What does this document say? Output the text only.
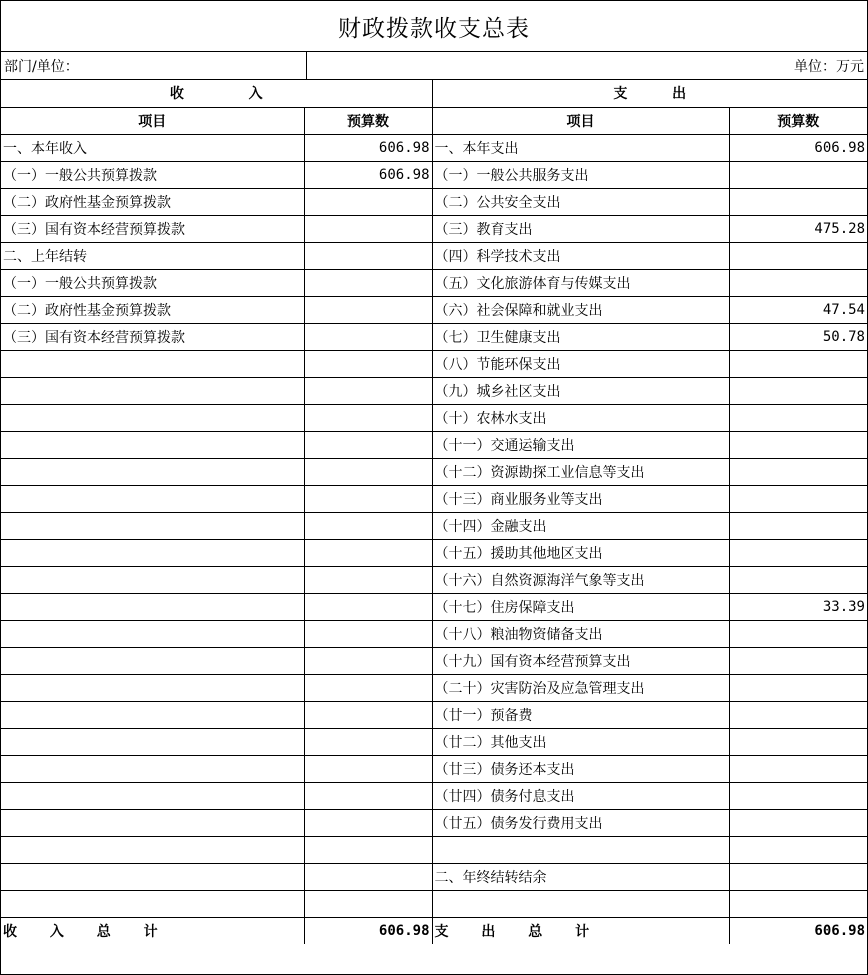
财政拨款收支总表
部门/单位：	单位：万元
收 入		支 出	
项目	预算数	项目	预算数
一、本年收入	606.98	一、本年支出	606.98
（一）一般公共预算拨款	606.98	（一）一般公共服务支出	
（二）政府性基金预算拨款		（二）公共安全支出	
（三）国有资本经营预算拨款		（三）教育支出	475.28
二、上年结转		（四）科学技术支出	
（一）一般公共预算拨款		（五）文化旅游体育与传媒支出	
（二）政府性基金预算拨款		（六）社会保障和就业支出	47.54
（三）国有资本经营预算拨款		（七）卫生健康支出	50.78
		（八）节能环保支出	
		（九）城乡社区支出	
		（十）农林水支出	
		（十一）交通运输支出	
		（十二）资源勘探工业信息等支出	
		（十三）商业服务业等支出	
		（十四）金融支出	
		（十五）援助其他地区支出	
		（十六）自然资源海洋气象等支出	
		（十七）住房保障支出	33.39
		（十八）粮油物资储备支出	
		（十九）国有资本经营预算支出	
		（二十）灾害防治及应急管理支出	
		（廿一）预备费	
		（廿二）其他支出	
		（廿三）债务还本支出	
		（廿四）债务付息支出	
		（廿五）债务发行费用支出	

		二、年终结转结余	

收 入 总 计	606.98	支 出 总 计	606.98
